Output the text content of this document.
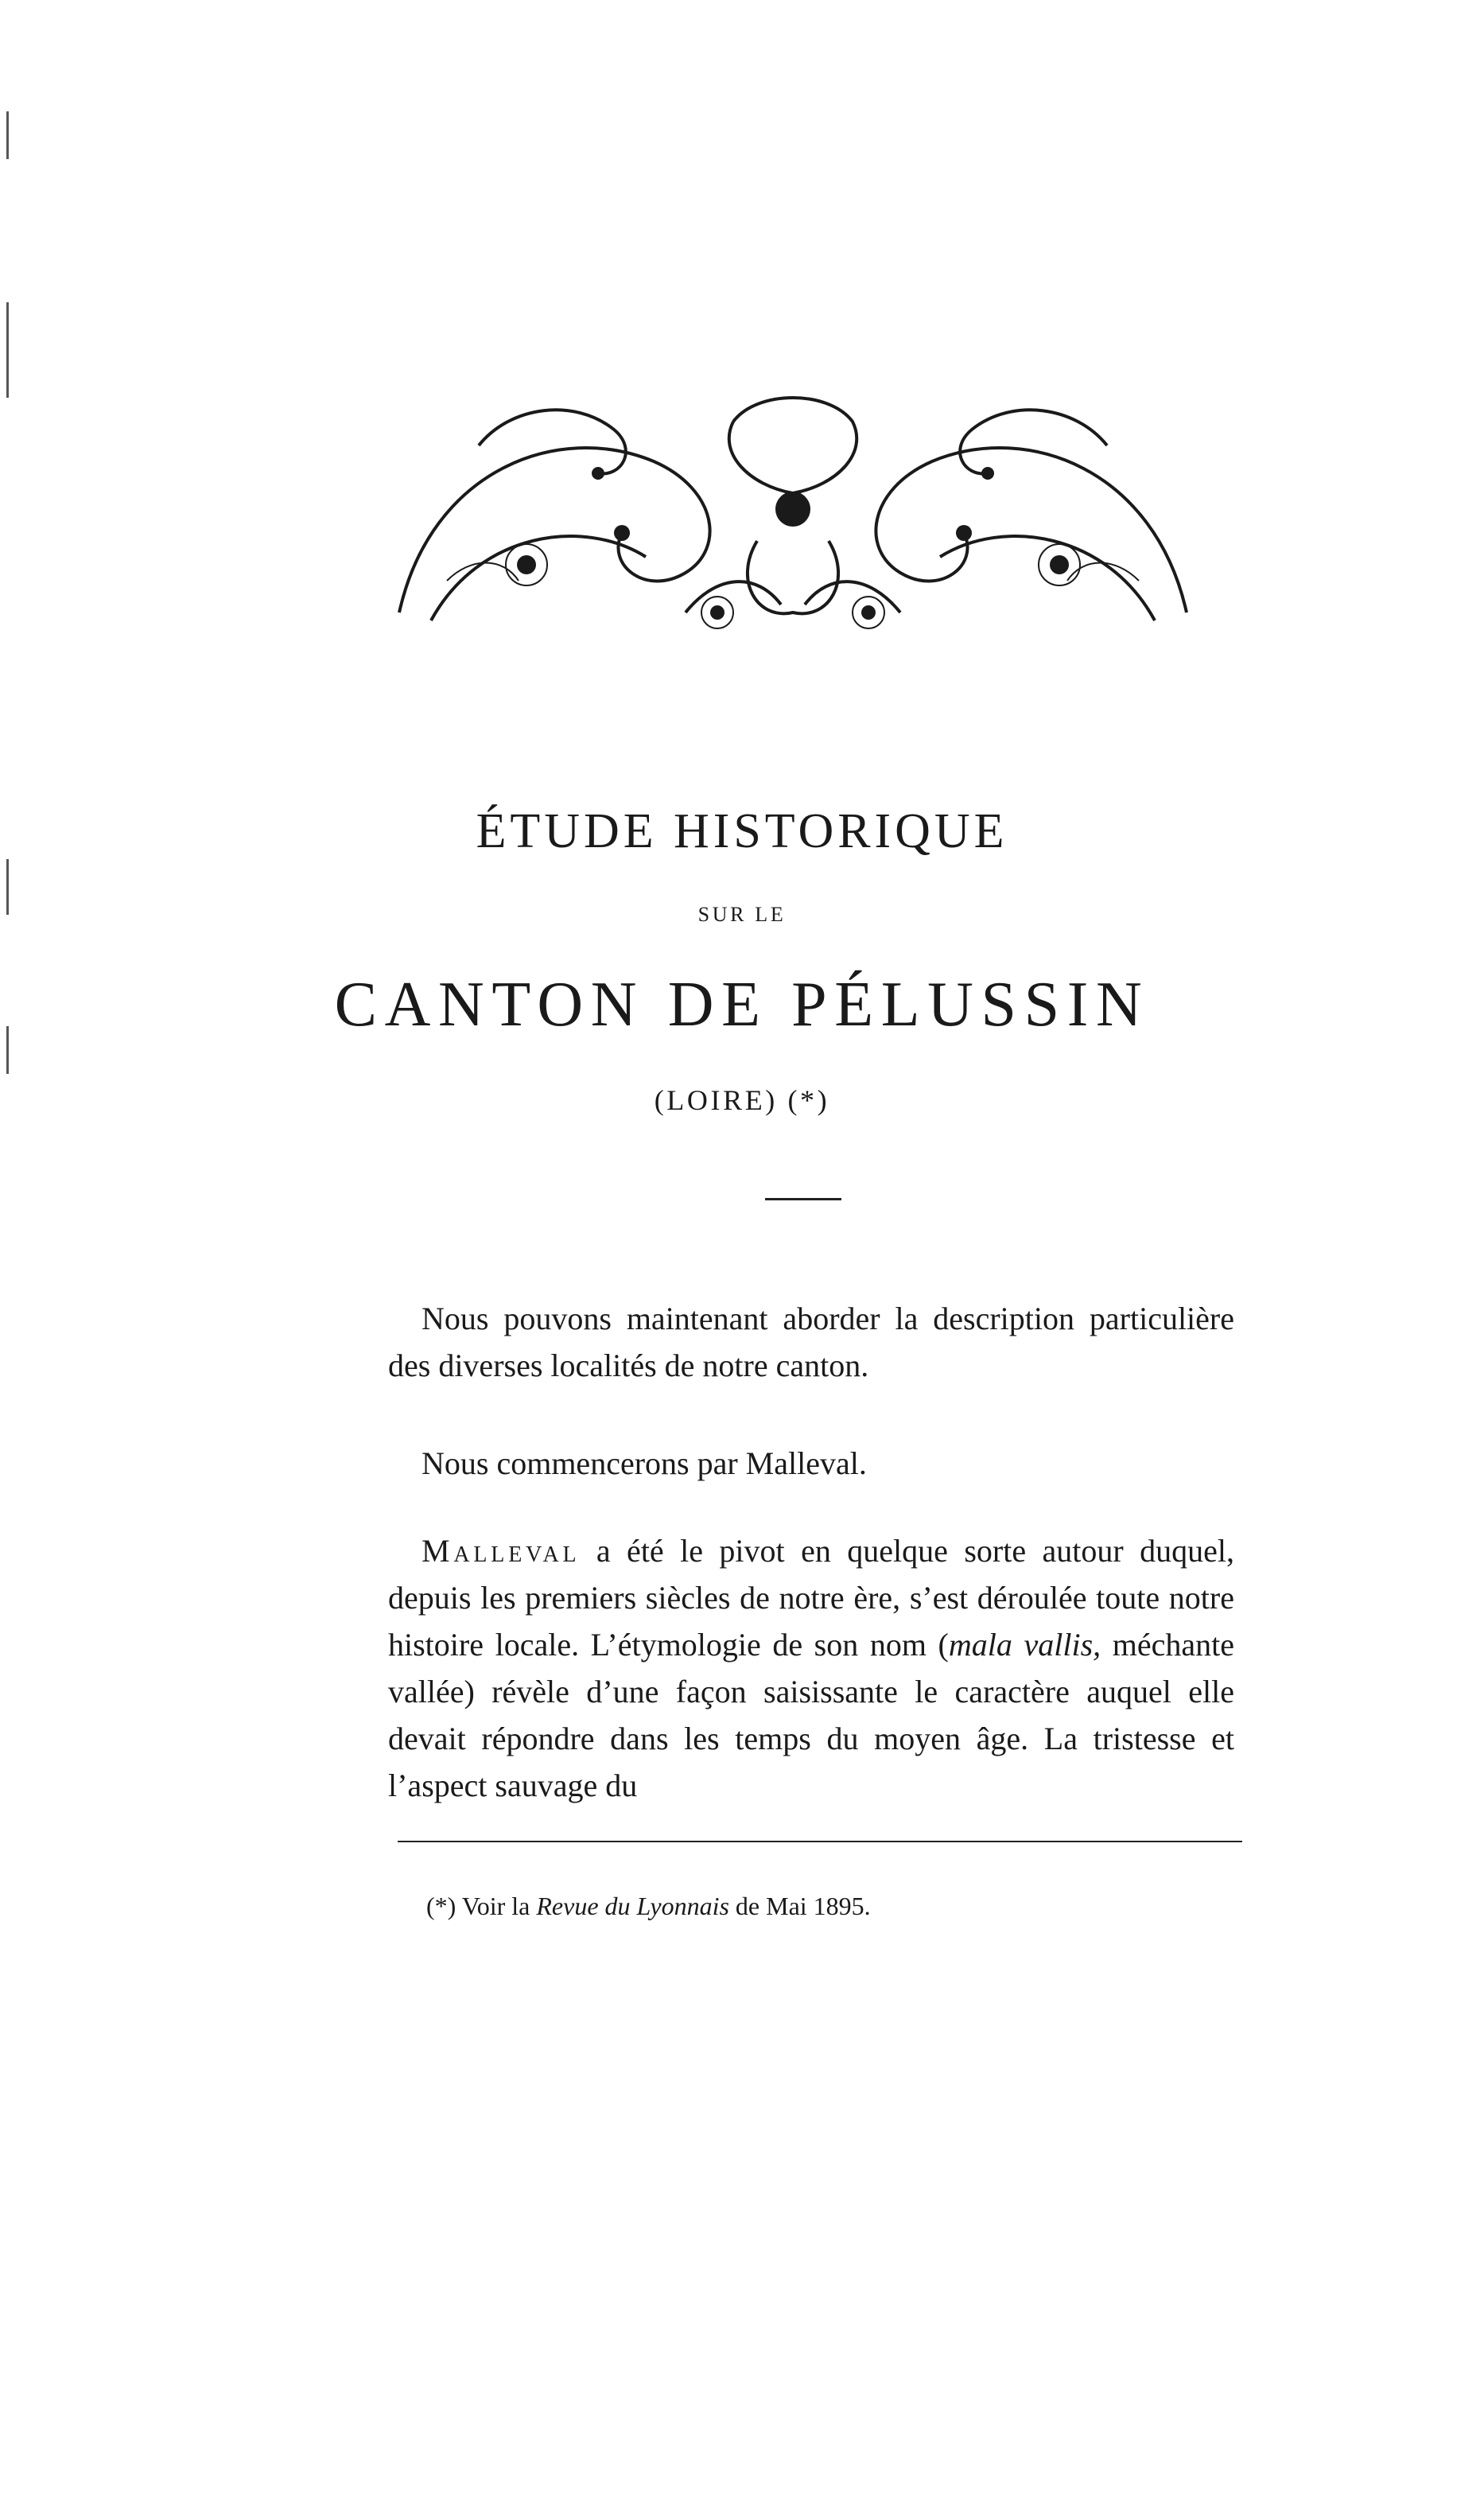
ÉTUDE HISTORIQUE
SUR LE
CANTON DE PÉLUSSIN
(LOIRE) (*)

Nous pouvons maintenant aborder la description particulière des diverses localités de notre canton.

Nous commencerons par Malleval.

Malleval a été le pivot en quelque sorte autour duquel, depuis les premiers siècles de notre ère, s’est déroulée toute notre histoire locale. L’étymologie de son nom (mala vallis, méchante vallée) révèle d’une façon saisissante le caractère auquel elle devait répondre dans les temps du moyen âge. La tristesse et l’aspect sauvage du

(*) Voir la Revue du Lyonnais de Mai 1895.
